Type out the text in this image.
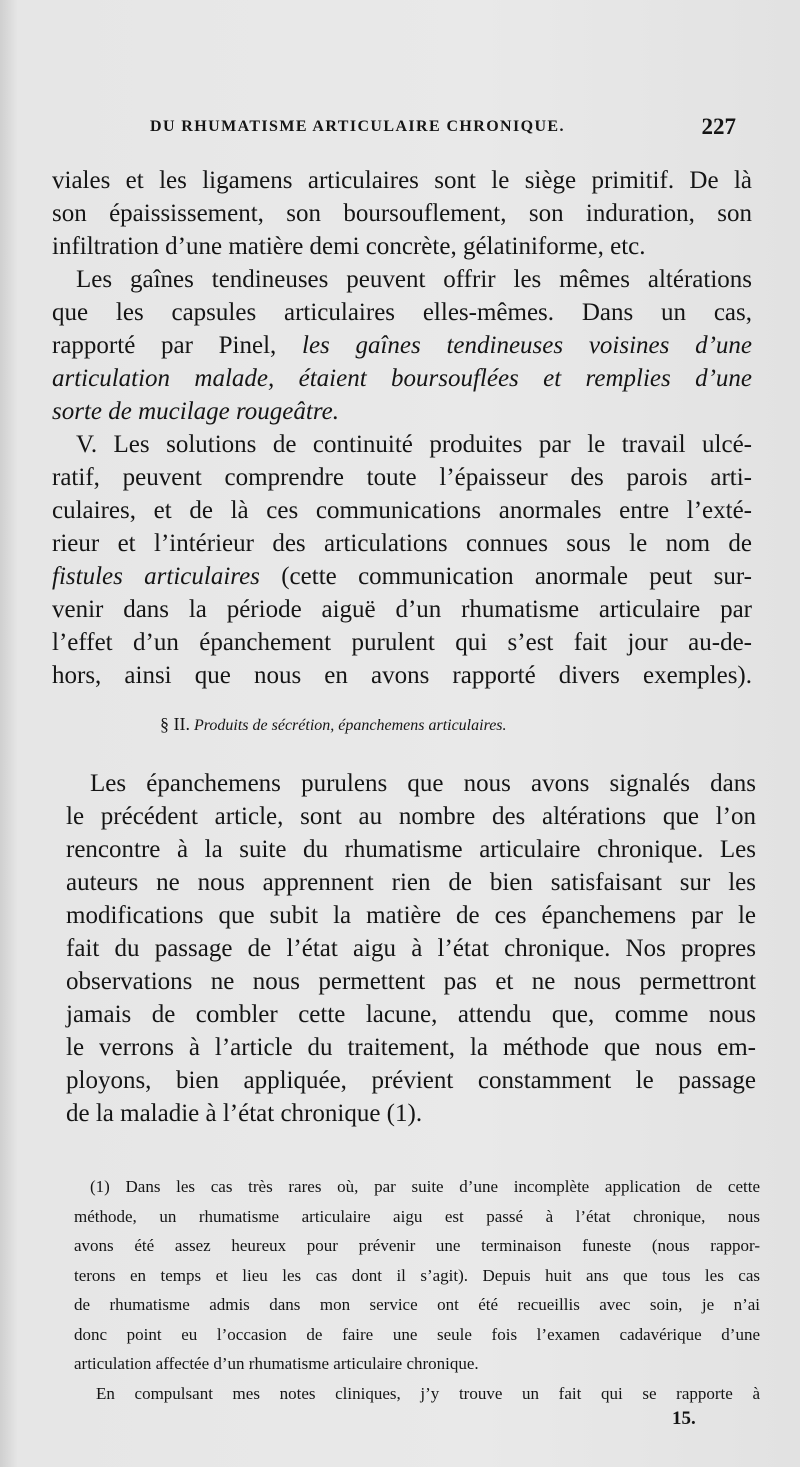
DU RHUMATISME ARTICULAIRE CHRONIQUE.	227

viales et les ligamens articulaires sont le siège primitif. De là
son épaississement, son boursouflement, son induration, son
infiltration d’une matière demi concrète, gélatiniforme, etc.

Les gaînes tendineuses peuvent offrir les mêmes altérations
que les capsules articulaires elles-mêmes. Dans un cas,
rapporté par Pinel, les gaînes tendineuses voisines d’une
articulation malade, étaient boursouflées et remplies d’une
sorte de mucilage rougeâtre.

V. Les solutions de continuité produites par le travail ulcé-
ratif, peuvent comprendre toute l’épaisseur des parois arti-
culaires, et de là ces communications anormales entre l’exté-
rieur et l’intérieur des articulations connues sous le nom de
fistules articulaires (cette communication anormale peut sur-
venir dans la période aiguë d’un rhumatisme articulaire par
l’effet d’un épanchement purulent qui s’est fait jour au-de-
hors, ainsi que nous en avons rapporté divers exemples).

§ II. Produits de sécrétion, épanchemens articulaires.
Les épanchemens purulens que nous avons signalés dans
le précédent article, sont au nombre des altérations que l’on
rencontre à la suite du rhumatisme articulaire chronique. Les
auteurs ne nous apprennent rien de bien satisfaisant sur les
modifications que subit la matière de ces épanchemens par le
fait du passage de l’état aigu à l’état chronique. Nos propres
observations ne nous permettent pas et ne nous permettront
jamais de combler cette lacune, attendu que, comme nous
le verrons à l’article du traitement, la méthode que nous em-
ployons, bien appliquée, prévient constamment le passage
de la maladie à l’état chronique (1).
(1) Dans les cas très rares où, par suite d’une incomplète application de cette
méthode, un rhumatisme articulaire aigu est passé à l’état chronique, nous
avons été assez heureux pour prévenir une terminaison funeste (nous rappor-
terons en temps et lieu les cas dont il s’agit). Depuis huit ans que tous les cas
de rhumatisme admis dans mon service ont été recueillis avec soin, je n’ai
donc point eu l’occasion de faire une seule fois l’examen cadavérique d’une
articulation affectée d’un rhumatisme articulaire chronique.
En compulsant mes notes cliniques, j’y trouve un fait qui se rapporte à
15.
